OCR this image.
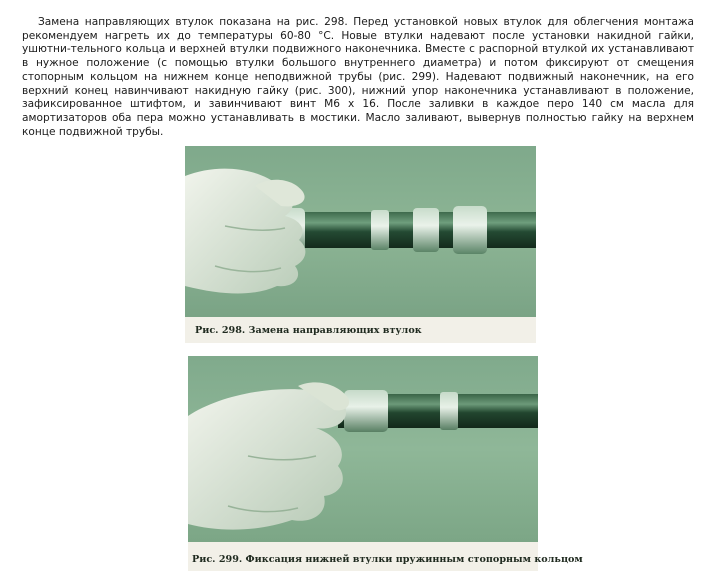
Замена направляющих втулок показана на рис. 298. Перед установкой новых втулок для облегчения монтажа рекомендуем нагреть их до температуры 60-80 °С. Новые втулки надевают после установки накидной гайки, ушютни-тельного кольца и верхней втулки подвижного наконечника. Вместе с распорной втулкой их устанавливают в нужное положение (с помощью втулки большого внутреннего диаметра) и потом фиксируют от смещения стопорным кольцом на нижнем конце неподвижной трубы (рис. 299). Надевают подвижный наконечник, на его верхний конец навинчивают накидную гайку (рис. 300), нижний упор наконечника устанавливают в положение, зафиксированное штифтом, и завинчивают винт М6 х 16. После заливки в каждое перо 140 см масла для амортизаторов оба пера можно устанавливать в мостики. Масло заливают, вывернув полностью гайку на верхнем конце подвижной трубы.
Рис. 298. Замена направляющих втулок
Рис. 299. Фиксация нижней втулки пружинным стопорным кольцом
